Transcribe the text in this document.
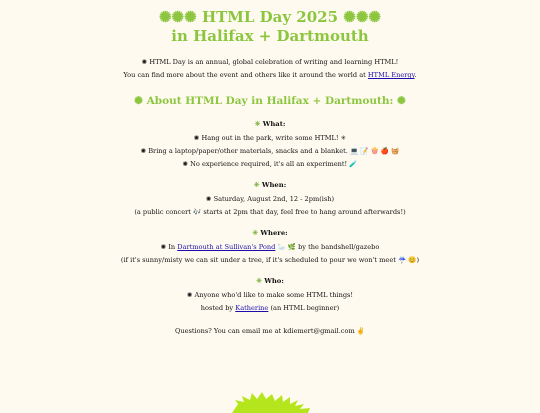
✺✺✺ HTML Day 2025 ✺✺✺
in Halifax + Dartmouth

✺ HTML Day is an annual, global celebration of writing and learning HTML!

You can find more about the event and others like it around the world at HTML Energy.

✺ About HTML Day in Halifax + Dartmouth: ✺
✳ What:

✺ Hang out in the park, write some HTML! ✳

✺ Bring a laptop/paper/other materials, snacks and a blanket. 💻 📝 🍿 🍎 🧺

✺ No experience required, it's all an experiment! 🧪

✳ When:

✺ Saturday, August 2nd, 12 - 2pm(ish)

(a public concert 🎶 starts at 2pm that day, feel free to hang around afterwards!)

✳ Where:

✺ In Dartmouth at Sullivan's Pond 🦢 🌿 by the bandshell/gazebo

(if it's sunny/misty we can sit under a tree, if it's scheduled to pour we won't meet ☔ 😊)

✳ Who:

✺ Anyone who'd like to make some HTML things!

hosted by Katherine (an HTML beginner)

Questions? You can email me at kdiemert@gmail.com ✌
